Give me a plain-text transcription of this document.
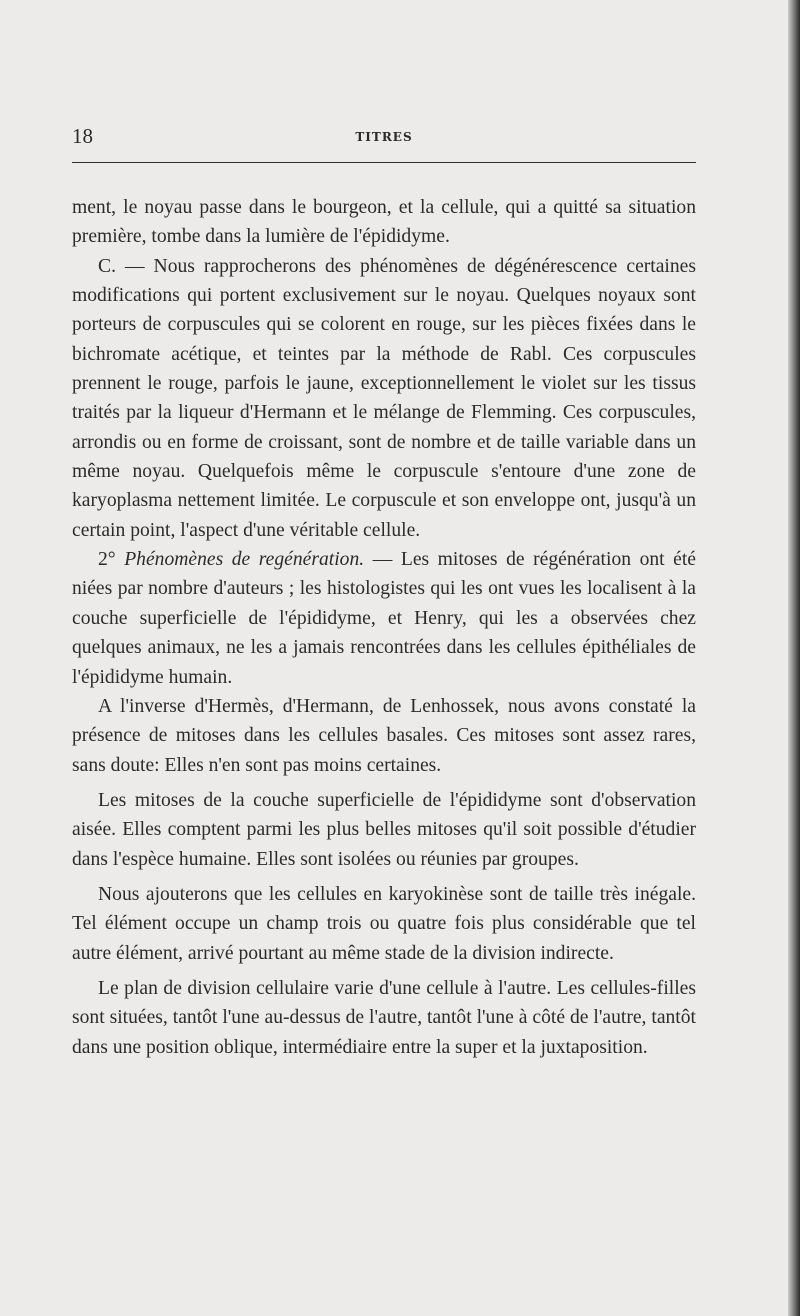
18	TITRES

ment, le noyau passe dans le bourgeon, et la cellule, qui a quitté sa situation première, tombe dans la lumière de l'épididyme.

C. — Nous rapprocherons des phénomènes de dégénérescence certaines modifications qui portent exclusivement sur le noyau. Quelques noyaux sont porteurs de corpuscules qui se colorent en rouge, sur les pièces fixées dans le bichromate acétique, et teintes par la méthode de Rabl. Ces corpuscules prennent le rouge, parfois le jaune, exceptionnellement le violet sur les tissus traités par la liqueur d'Hermann et le mélange de Flemming. Ces corpuscules, arrondis ou en forme de croissant, sont de nombre et de taille variable dans un même noyau. Quelquefois même le corpuscule s'entoure d'une zone de karyoplasma nettement limitée. Le corpuscule et son enveloppe ont, jusqu'à un certain point, l'aspect d'une véritable cellule.

2° Phénomènes de regénération. — Les mitoses de régénération ont été niées par nombre d'auteurs ; les histologistes qui les ont vues les localisent à la couche superficielle de l'épididyme, et Henry, qui les a observées chez quelques animaux, ne les a jamais rencontrées dans les cellules épithéliales de l'épididyme humain.

A l'inverse d'Hermès, d'Hermann, de Lenhossek, nous avons constaté la présence de mitoses dans les cellules basales. Ces mitoses sont assez rares, sans doute: Elles n'en sont pas moins certaines.

Les mitoses de la couche superficielle de l'épididyme sont d'observation aisée. Elles comptent parmi les plus belles mitoses qu'il soit possible d'étudier dans l'espèce humaine. Elles sont isolées ou réunies par groupes.

Nous ajouterons que les cellules en karyokinèse sont de taille très inégale. Tel élément occupe un champ trois ou quatre fois plus considérable que tel autre élément, arrivé pourtant au même stade de la division indirecte.

Le plan de division cellulaire varie d'une cellule à l'autre. Les cellules-filles sont situées, tantôt l'une au-dessus de l'autre, tantôt l'une à côté de l'autre, tantôt dans une position oblique, intermédiaire entre la super et la juxtaposition.
